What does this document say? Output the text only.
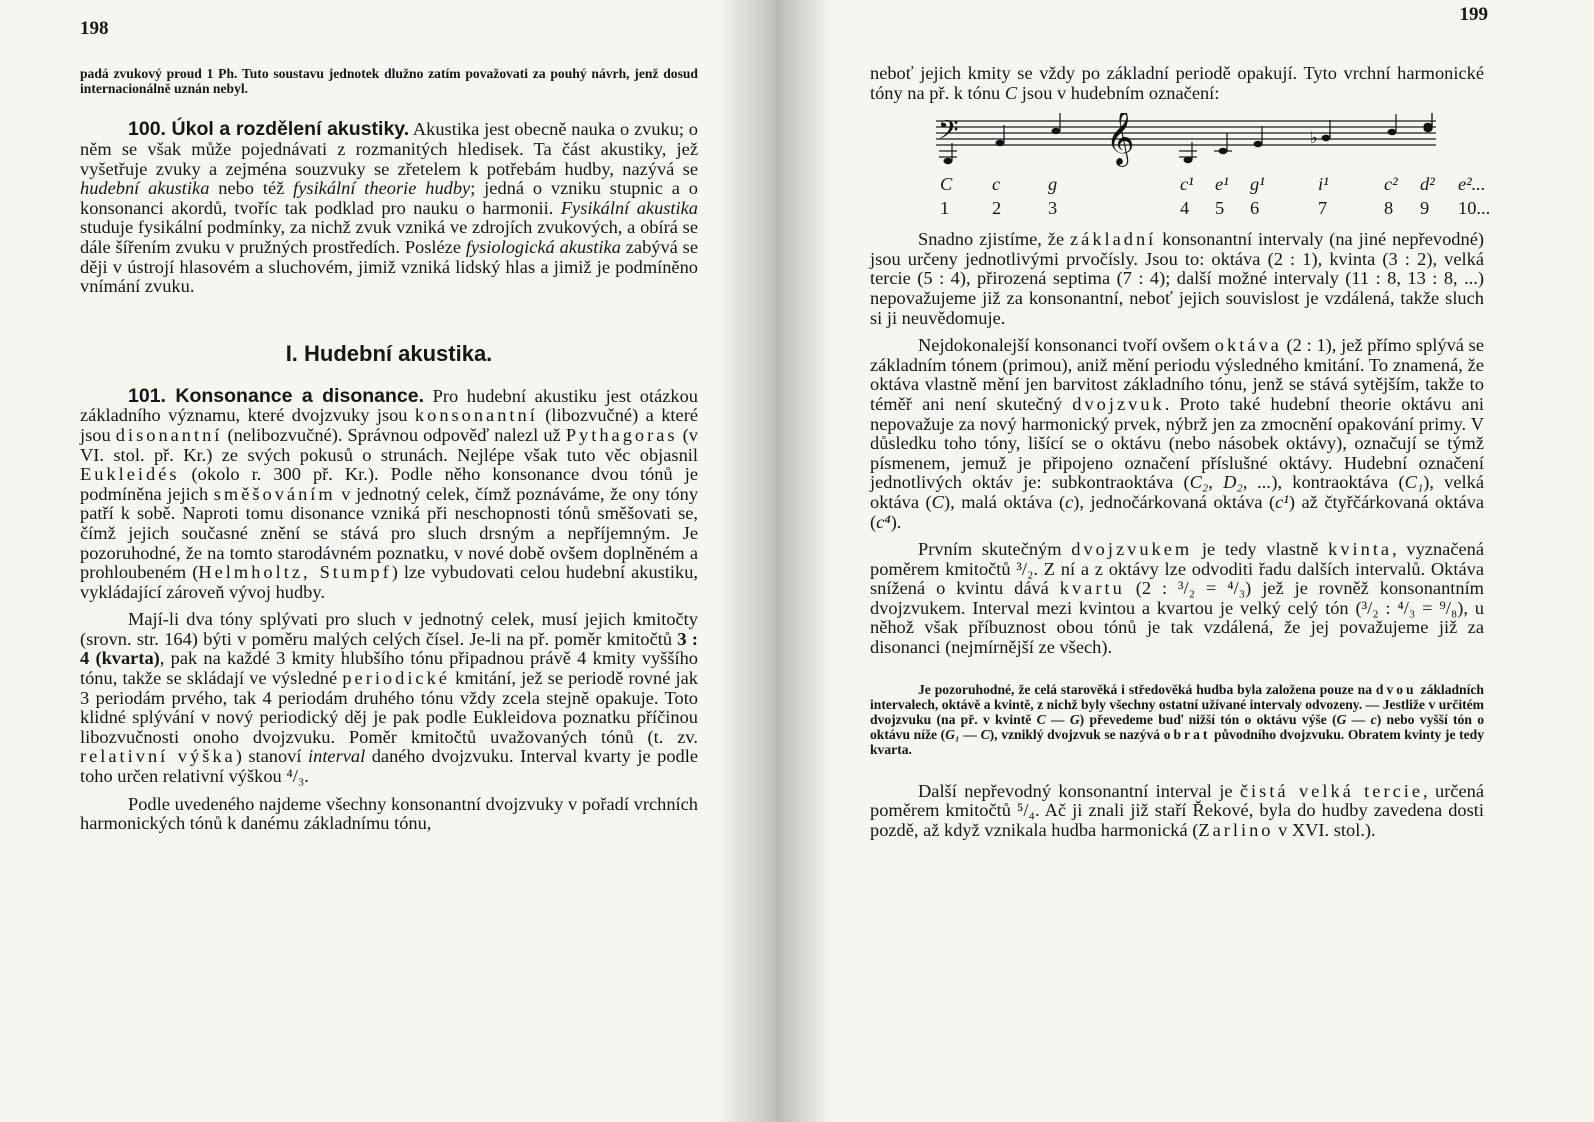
198

padá zvukový proud 1 Ph. Tuto soustavu jednotek dlužno zatím považovati za pouhý návrh, jenž dosud internacionálně uznán nebyl.

100. Úkol a rozdělení akustiky. Akustika jest obecně nauka o zvuku; o něm se však může pojednávati z rozmanitých hledisek. Ta část akustiky, jež vyšetřuje zvuky a zejména souzvuky se zřetelem k potřebám hudby, nazývá se hudební akustika nebo též fysikální theorie hudby; jedná o vzniku stupnic a o konsonanci akordů, tvoříc tak podklad pro nauku o harmonii. Fysikální akustika studuje fysikální podmínky, za nichž zvuk vzniká ve zdrojích zvukových, a obírá se dále šířením zvuku v pružných prostředích. Posléze fysiologická akustika zabývá se ději v ústrojí hlasovém a sluchovém, jimiž vzniká lidský hlas a jimiž je podmíněno vnímání zvuku.

I. Hudební akustika.

101. Konsonance a disonance. Pro hudební akustiku jest otázkou základního významu, které dvojzvuky jsou konsonantní (libozvučné) a které jsou disonantní (nelibozvučné). Správnou odpověď nalezl už Pythagoras (v VI. stol. př. Kr.) ze svých pokusů o strunách. Nejlépe však tuto věc objasnil Eukleidés (okolo r. 300 př. Kr.). Podle něho konsonance dvou tónů je podmíněna jejich směšováním v jednotný celek, čímž poznáváme, že ony tóny patří k sobě. Naproti tomu disonance vzniká při neschopnosti tónů směšovati se, čímž jejich současné znění se stává pro sluch drsným a nepříjemným. Je pozoruhodné, že na tomto starodávném poznatku, v nové době ovšem doplněném a prohloubeném (Helmholtz, Stumpf) lze vybudovati celou hudební akustiku, vykládající zároveň vývoj hudby.

Mají-li dva tóny splývati pro sluch v jednotný celek, musí jejich kmitočty (srovn. str. 164) býti v poměru malých celých čísel. Je-li na př. poměr kmitočtů 3 : 4 (kvarta), pak na každé 3 kmity hlubšího tónu připadnou právě 4 kmity vyššího tónu, takže se skládají ve výsledné periodické kmitání, jež se periodě rovné jak 3 periodám prvého, tak 4 periodám druhého tónu vždy zcela stejně opakuje. Toto klidné splývání v nový periodický děj je pak podle Eukleidova poznatku příčinou libozvučnosti onoho dvojzvuku. Poměr kmitočtů uvažovaných tónů (t. zv. relativní výška) stanoví interval daného dvojzvuku. Interval kvarty je podle toho určen relativní výškou ⁴/₃.

Podle uvedeného najdeme všechny konsonantní dvojzvuky v pořadí vrchních harmonických tónů k danému základnímu tónu,

199

neboť jejich kmity se vždy po základní periodě opakují. Tyto vrchní harmonické tóny na př. k tónu C jsou v hudebním označení:

𝄢	𝄞	♭
C c	g	c¹ e¹ g¹	i¹	c² d² e²...
1 2	3	4 5 6	7	8 9 10...

Snadno zjistíme, že základní konsonantní intervaly (na jiné nepřevodné) jsou určeny jednotlivými prvočísly. Jsou to: oktáva (2 : 1), kvinta (3 : 2), velká tercie (5 : 4), přirozená septima (7 : 4); další možné intervaly (11 : 8, 13 : 8, ...) nepovažujeme již za konsonantní, neboť jejich souvislost je vzdálená, takže sluch si ji neuvědomuje.

Nejdokonalejší konsonanci tvoří ovšem oktáva (2 : 1), jež přímo splývá se základním tónem (primou), aniž mění periodu výsledného kmitání. To znamená, že oktáva vlastně mění jen barvitost základního tónu, jenž se stává sytějším, takže to téměř ani není skutečný dvojzvuk. Proto také hudební theorie oktávu ani nepovažuje za nový harmonický prvek, nýbrž jen za zmocnění opakování primy. V důsledku toho tóny, lišící se o oktávu (nebo násobek oktávy), označují se týmž písmenem, jemuž je připojeno označení příslušné oktávy. Hudební označení jednotlivých oktáv je: subkontraoktáva (C₂, D₂, ...), kontraoktáva (C₁), velká oktáva (C), malá oktáva (c), jednočárkovaná oktáva (c¹) až čtyřčárkovaná oktáva (c⁴).

Prvním skutečným dvojzvukem je tedy vlastně kvinta, vyznačená poměrem kmitočtů ³/₂. Z ní a z oktávy lze odvoditi řadu dalších intervalů. Oktáva snížená o kvintu dává kvartu (2 : ³/₂ = ⁴/₃) jež je rovněž konsonantním dvojzvukem. Interval mezi kvintou a kvartou je velký celý tón (³/₂ : ⁴/₃ = ⁹/₈), u něhož však příbuznost obou tónů je tak vzdálená, že jej považujeme již za disonanci (nejmírnější ze všech).

Je pozoruhodné, že celá starověká i středověká hudba byla založena pouze na dvou základních intervalech, oktávě a kvintě, z nichž byly všechny ostatní užívané intervaly odvozeny. — Jestliže v určitém dvojzvuku (na př. v kvintě C — G) převedeme buď nižší tón o oktávu výše (G — c) nebo vyšší tón o oktávu níže (G₁ — C), vzniklý dvojzvuk se nazývá obrat původního dvojzvuku. Obratem kvinty je tedy kvarta.

Další nepřevodný konsonantní interval je čistá velká tercie, určená poměrem kmitočtů ⁵/₄. Ač ji znali již staří Řekové, byla do hudby zavedena dosti pozdě, až když vznikala hudba harmonická (Zarlino v XVI. stol.).
